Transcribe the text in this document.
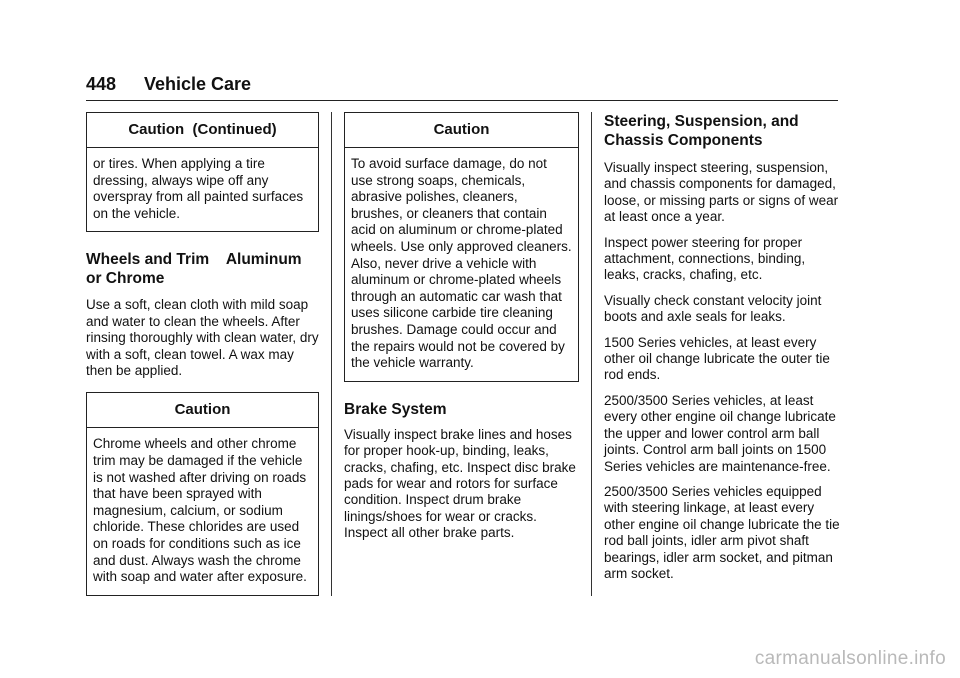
448 Vehicle Care
Caution  (Continued)

or tires. When applying a tire dressing, always wipe off any overspray from all painted surfaces on the vehicle.

Wheels and Trim    Aluminum or Chrome

Use a soft, clean cloth with mild soap and water to clean the wheels. After rinsing thoroughly with clean water, dry with a soft, clean towel. A wax may then be applied.

Caution

Chrome wheels and other chrome trim may be damaged if the vehicle is not washed after driving on roads that have been sprayed with magnesium, calcium, or sodium chloride. These chlorides are used on roads for conditions such as ice and dust. Always wash the chrome with soap and water after exposure.

Caution

To avoid surface damage, do not use strong soaps, chemicals, abrasive polishes, cleaners, brushes, or cleaners that contain acid on aluminum or chrome-plated wheels. Use only approved cleaners. Also, never drive a vehicle with aluminum or chrome-plated wheels through an automatic car wash that uses silicone carbide tire cleaning brushes. Damage could occur and the repairs would not be covered by the vehicle warranty.

Brake System

Visually inspect brake lines and hoses for proper hook-up, binding, leaks, cracks, chafing, etc. Inspect disc brake pads for wear and rotors for surface condition. Inspect drum brake linings/shoes for wear or cracks. Inspect all other brake parts.

Steering, Suspension, and Chassis Components

Visually inspect steering, suspension, and chassis components for damaged, loose, or missing parts or signs of wear at least once a year.

Inspect power steering for proper attachment, connections, binding, leaks, cracks, chafing, etc.

Visually check constant velocity joint boots and axle seals for leaks.

1500 Series vehicles, at least every other oil change lubricate the outer tie rod ends.

2500/3500 Series vehicles, at least every other engine oil change lubricate the upper and lower control arm ball joints. Control arm ball joints on 1500 Series vehicles are maintenance-free.

2500/3500 Series vehicles equipped with steering linkage, at least every other engine oil change lubricate the tie rod ball joints, idler arm pivot shaft bearings, idler arm socket, and pitman arm socket.

carmanualsonline.info
